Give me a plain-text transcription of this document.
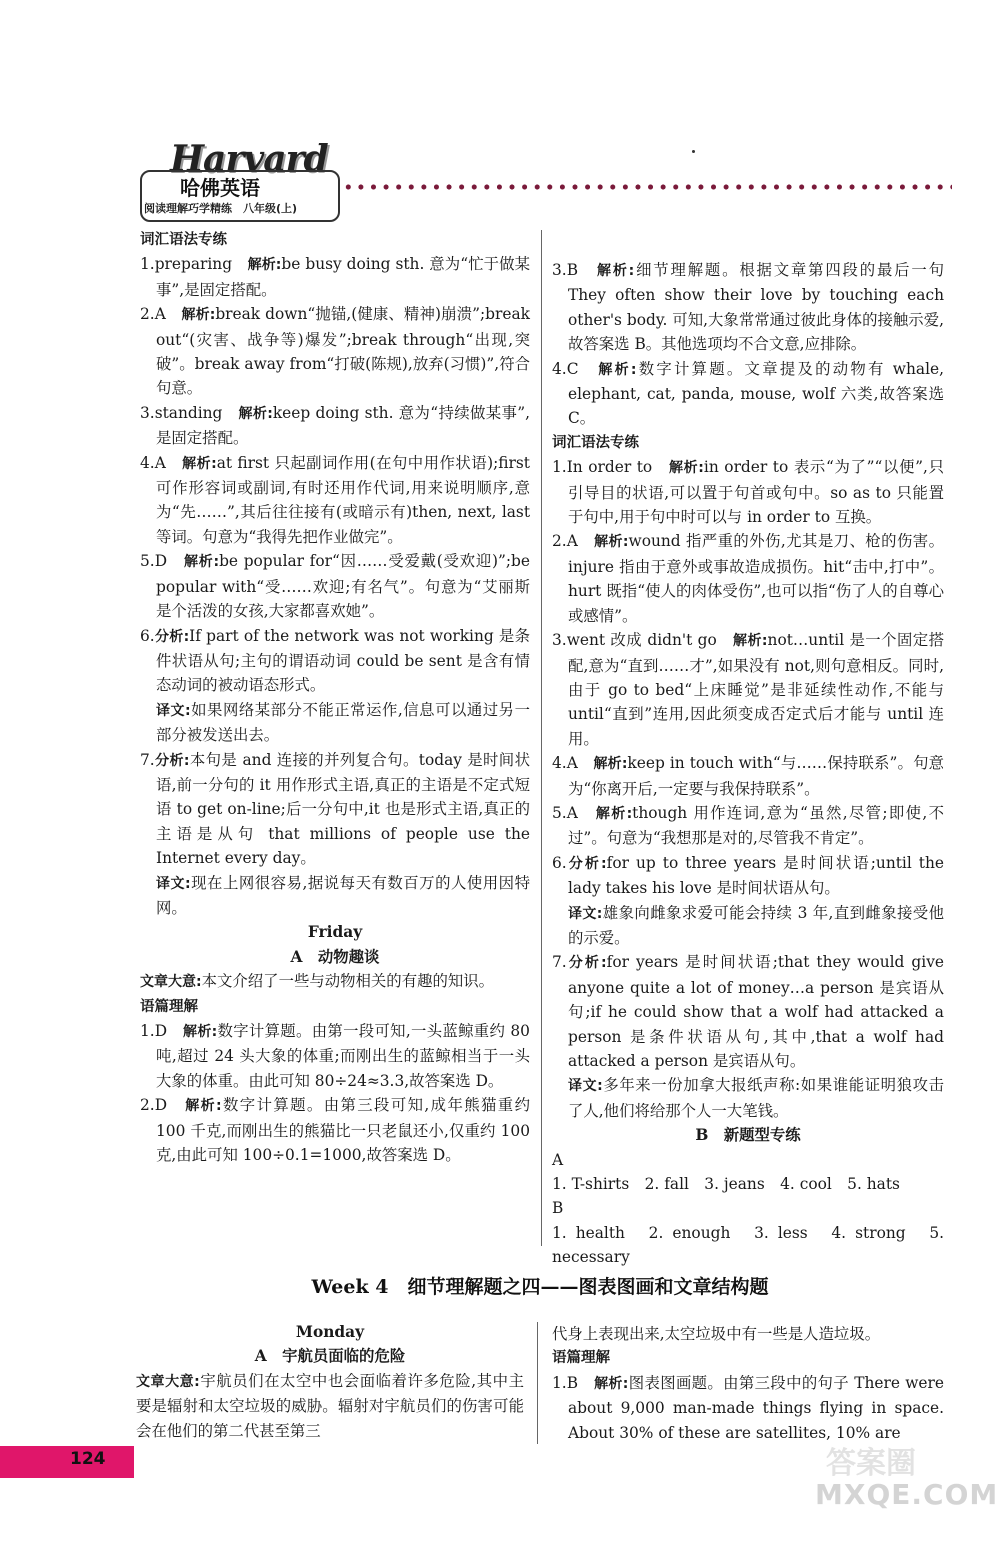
Harvard
哈佛英语
阅读理解巧学精练　八年级(上)

词汇语法专练

1.preparing　 解析:be busy doing sth. 意为“忙于做某事”,是固定搭配。

2.A　 解析:break down“抛锚,(健康、精神)崩溃”;break out“(灾害、战争等)爆发”;break through“出现,突破”。break away from“打破(陈规),放弃(习惯)”,符合句意。

3.standing　 解析:keep doing sth. 意为“持续做某事”,是固定搭配。

4.A　 解析:at first 只起副词作用(在句中用作状语);first 可作形容词或副词,有时还用作代词,用来说明顺序,意为“先……”,其后往往接有(或暗示有)then, next, last 等词。句意为“我得先把作业做完”。

5.D　 解析:be popular for“因……受爱戴(受欢迎)”;be popular with“受……欢迎;有名气”。句意为“艾丽斯是个活泼的女孩,大家都喜欢她”。

6.分析:If part of the network was not working 是条件状语从句;主句的谓语动词 could be sent 是含有情态动词的被动语态形式。

译文:如果网络某部分不能正常运作,信息可以通过另一部分被发送出去。

7.分析:本句是 and 连接的并列复合句。today 是时间状语,前一分句的 it 用作形式主语,真正的主语是不定式短语 to get on-line;后一分句中,it 也是形式主语,真正的主语是从句 that millions of people use the Internet every day。

译文:现在上网很容易,据说每天有数百万的人使用因特网。

Friday

A　动物趣谈

文章大意:本文介绍了一些与动物相关的有趣的知识。

语篇理解

1.D　 解析:数字计算题。由第一段可知,一头蓝鲸重约 80 吨,超过 24 头大象的体重;而刚出生的蓝鲸相当于一头大象的体重。由此可知 80÷24≈3.3,故答案选 D。

2.D　 解析:数字计算题。由第三段可知,成年熊猫重约 100 千克,而刚出生的熊猫比一只老鼠还小,仅重约 100 克,由此可知 100÷0.1=1000,故答案选 D。

3.B　 解析:细节理解题。根据文章第四段的最后一句 They often show their love by touching each other's body. 可知,大象常常通过彼此身体的接触示爱,故答案选 B。其他选项均不合文意,应排除。

4.C　 解析:数字计算题。文章提及的动物有 whale, elephant, cat, panda, mouse, wolf 六类,故答案选 C。

词汇语法专练

1.In order to　 解析:in order to 表示“为了”“以便”,只引导目的状语,可以置于句首或句中。so as to 只能置于句中,用于句中时可以与 in order to 互换。

2.A　 解析:wound 指严重的外伤,尤其是刀、枪的伤害。injure 指由于意外或事故造成损伤。hit“击中,打中”。hurt 既指“使人的肉体受伤”,也可以指“伤了人的自尊心或感情”。

3.went 改成 didn't go　 解析:not…until 是一个固定搭配,意为“直到……才”,如果没有 not,则句意相反。同时,由于 go to bed“上床睡觉”是非延续性动作,不能与 until“直到”连用,因此须变成否定式后才能与 until 连用。

4.A　 解析:keep in touch with“与……保持联系”。句意为“你离开后,一定要与我保持联系”。

5.A　 解析:though 用作连词,意为“虽然,尽管;即使,不过”。句意为“我想那是对的,尽管我不肯定”。

6.分析:for up to three years 是时间状语;until the lady takes his love 是时间状语从句。

译文:雄象向雌象求爱可能会持续 3 年,直到雌象接受他的示爱。

7.分析:for years 是时间状语;that they would give anyone quite a lot of money…a person 是宾语从句;if he could show that a wolf had attacked a person 是条件状语从句,其中,that a wolf had attacked a person 是宾语从句。

译文:多年来一份加拿大报纸声称:如果谁能证明狼攻击了人,他们将给那个人一大笔钱。

B　新题型专练

A

1. T-shirts　2. fall　3. jeans　4. cool　5. hats

B

1. health　2. enough　3. less　4. strong　5. necessary

Week 4　细节理解题之四——图表图画和文章结构题

Monday

A　宇航员面临的危险

文章大意:宇航员们在太空中也会面临着许多危险,其中主要是辐射和太空垃圾的威胁。辐射对宇航员们的伤害可能会在他们的第二代甚至第三

代身上表现出来,太空垃圾中有一些是人造垃圾。

语篇理解

1.B　 解析:图表图画题。由第三段中的句子 There were about 9,000 man-made things flying in space. About 30% of these are satellites, 10% are

124	答案圈
MXQE.COM
